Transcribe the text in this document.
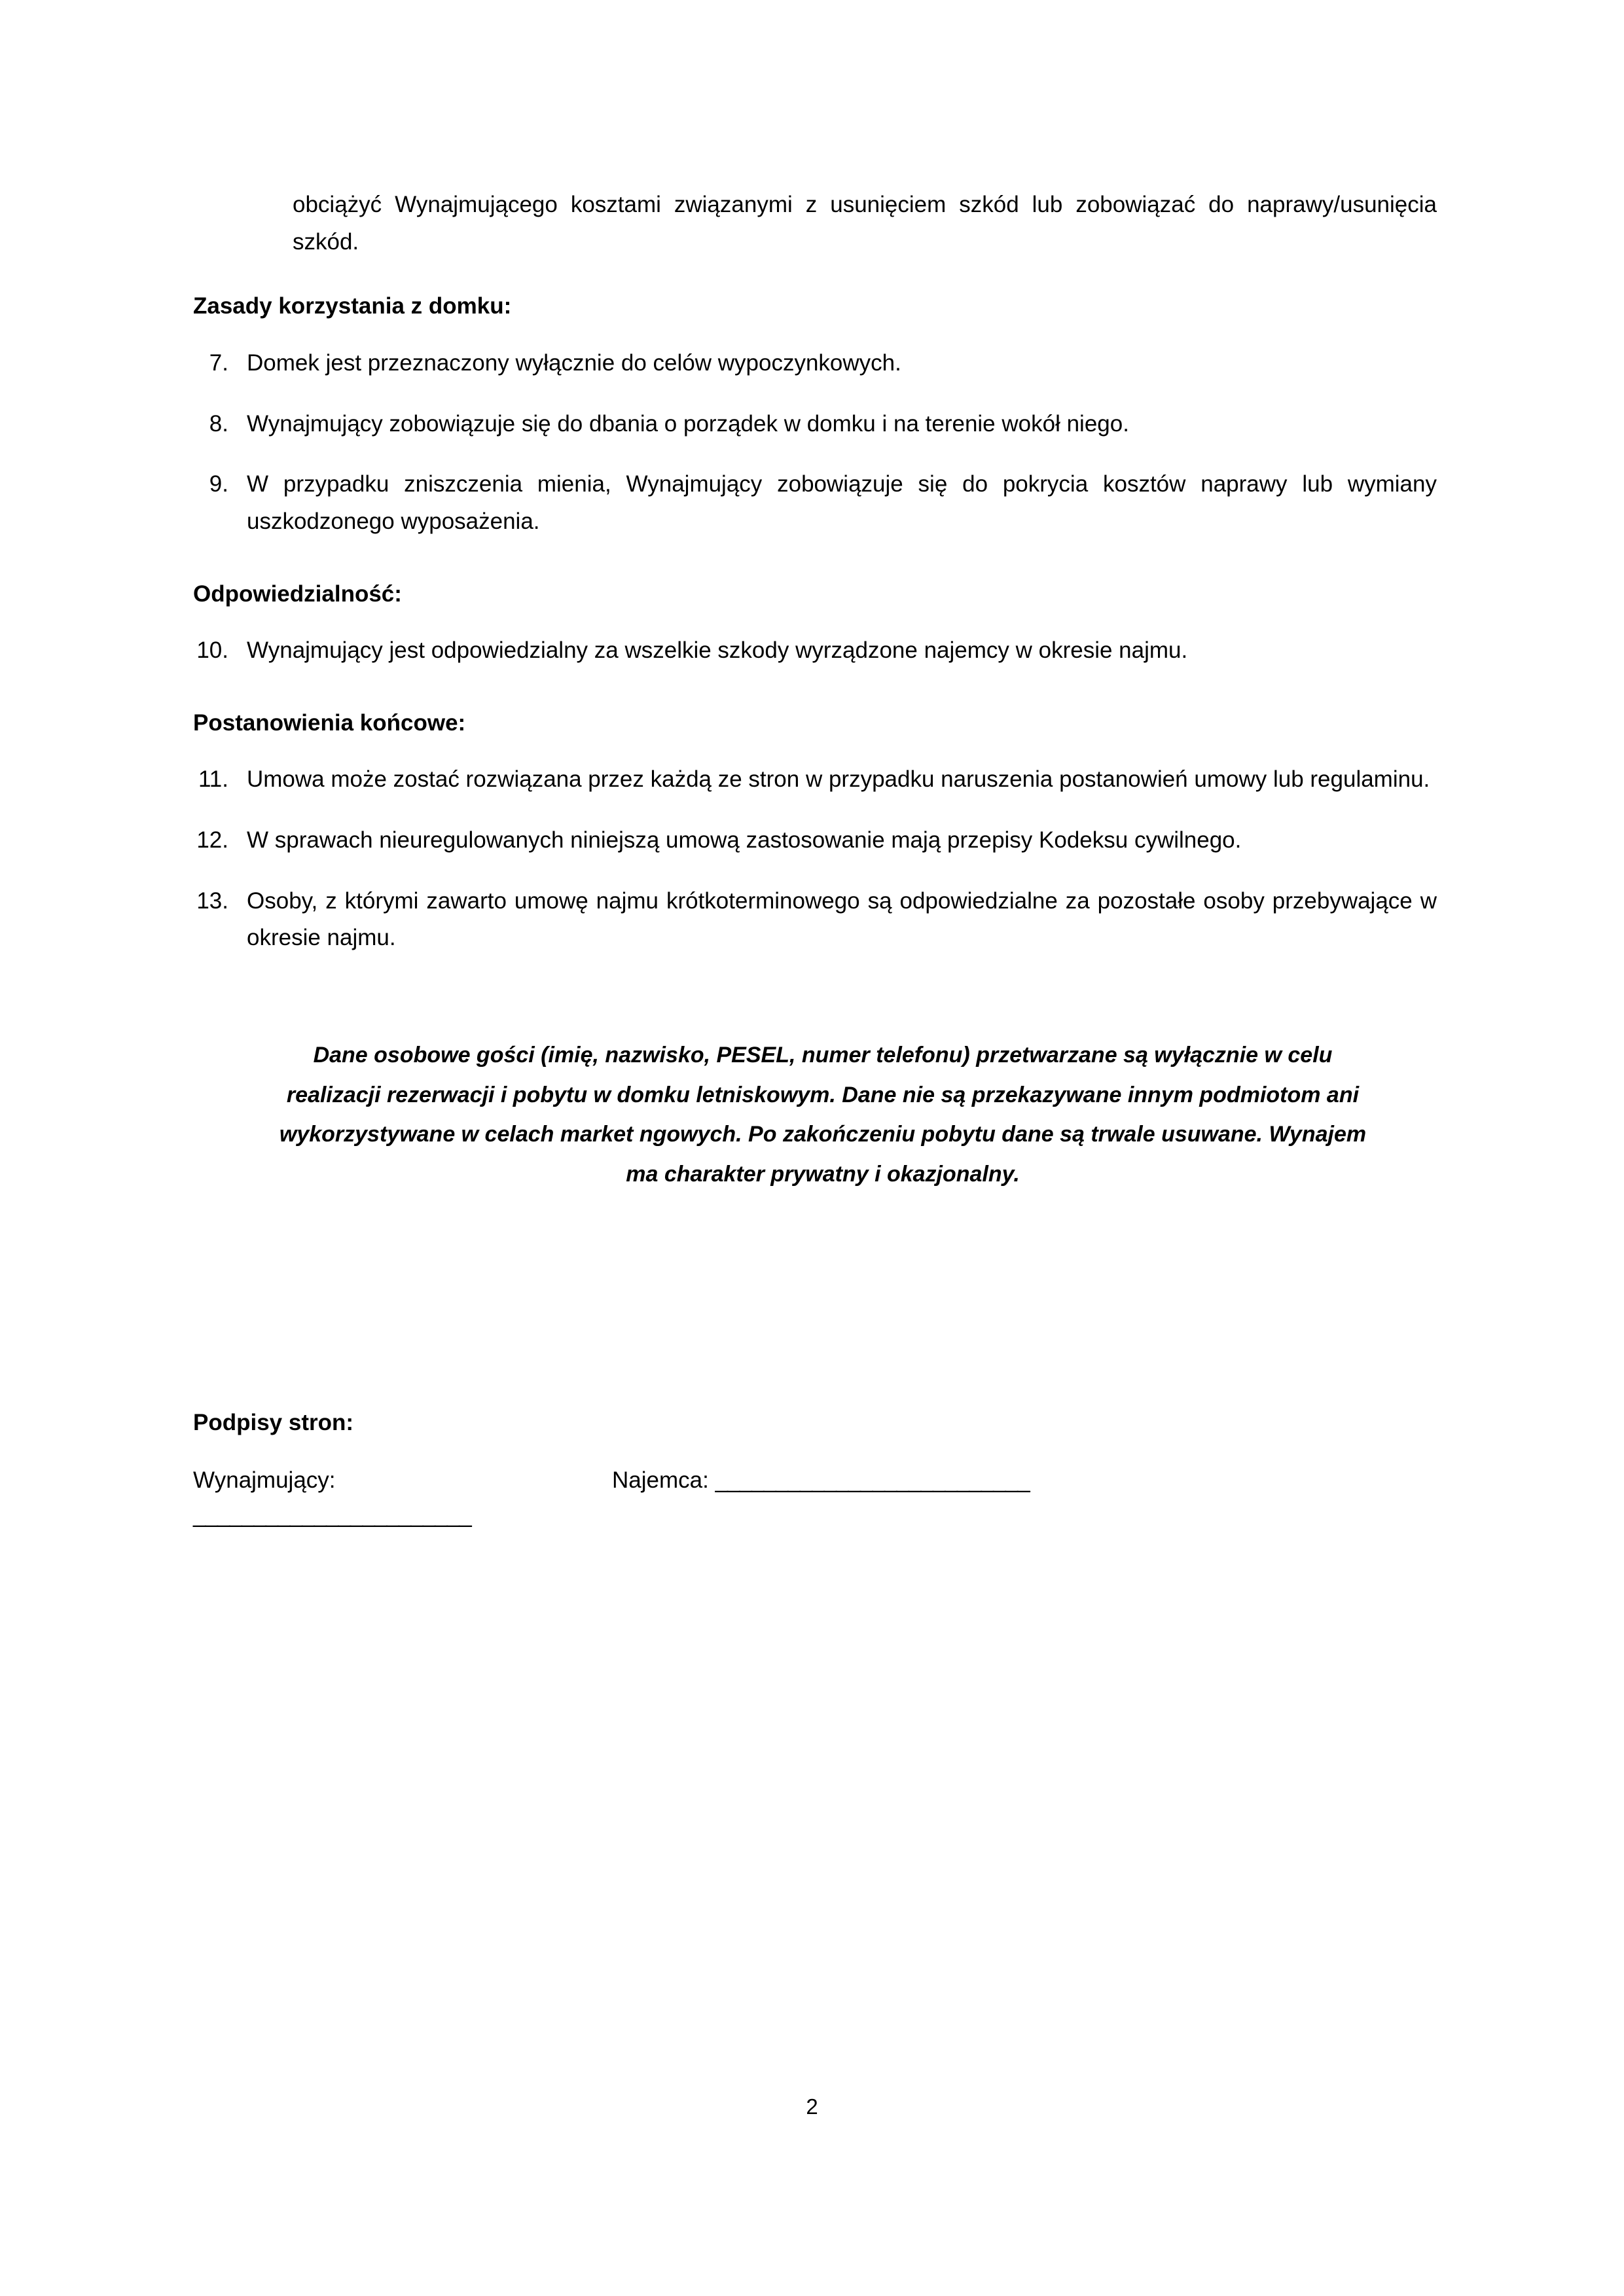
obciążyć Wynajmującego kosztami związanymi z usunięciem szkód lub zobowiązać do naprawy/usunięcia szkód.

Zasady korzystania z domku:
7. Domek jest przeznaczony wyłącznie do celów wypoczynkowych.
8. Wynajmujący zobowiązuje się do dbania o porządek w domku i na terenie wokół niego.
9. W przypadku zniszczenia mienia, Wynajmujący zobowiązuje się do pokrycia kosztów naprawy lub wymiany uszkodzonego wyposażenia.
Odpowiedzialność:
10. Wynajmujący jest odpowiedzialny za wszelkie szkody wyrządzone najemcy w okresie najmu.
Postanowienia końcowe:
11. Umowa może zostać rozwiązana przez każdą ze stron w przypadku naruszenia postanowień umowy lub regulaminu.
12. W sprawach nieuregulowanych niniejszą umową zastosowanie mają przepisy Kodeksu cywilnego.
13. Osoby, z którymi zawarto umowę najmu krótkoterminowego są odpowiedzialne za pozostałe osoby przebywające w okresie najmu.

Dane osobowe gości (imię, nazwisko, PESEL, numer telefonu) przetwarzane są wyłącznie w celu realizacji rezerwacji i pobytu w domku letniskowym. Dane nie są przekazywane innym podmiotom ani wykorzystywane w celach market ngowych. Po zakończeniu pobytu dane są trwale usuwane. Wynajem ma charakter prywatny i okazjonalny.

Podpisy stron:
Wynajmujący: _______________________
Najemca: __________________________
2
